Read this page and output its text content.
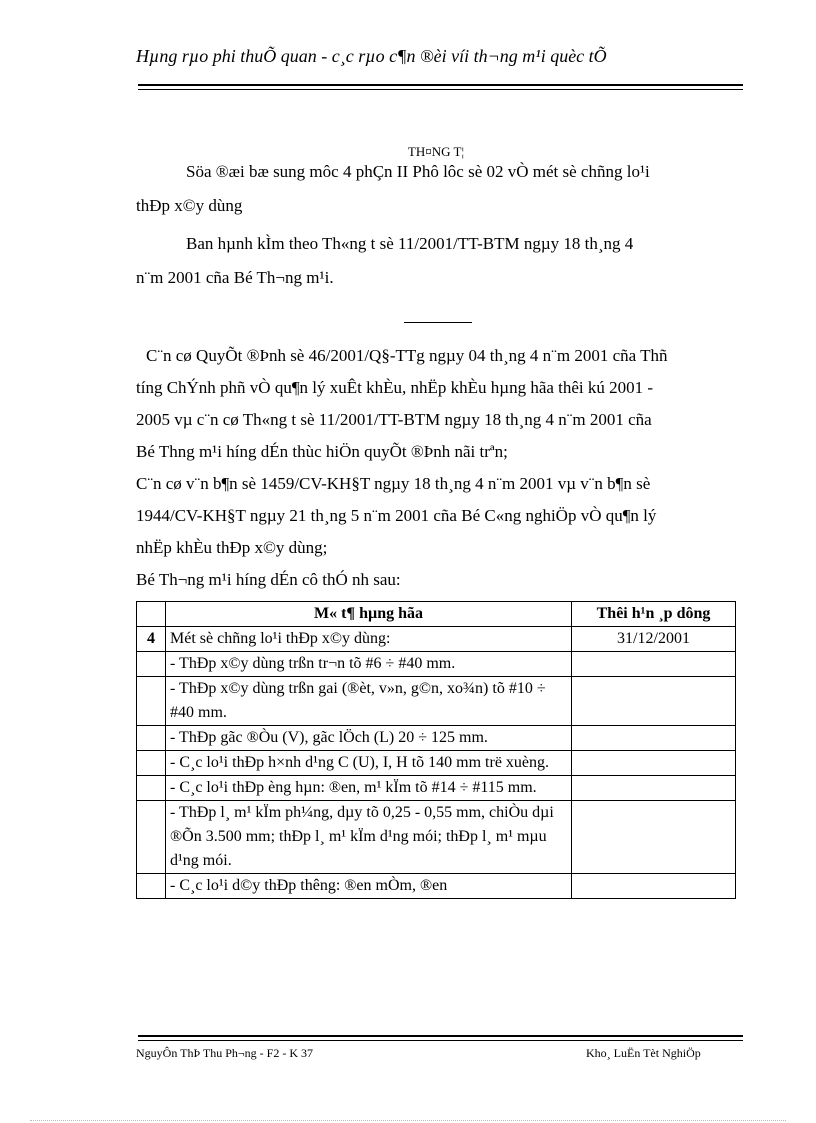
Hµng rµo phi thuÕ quan - c¸c rµo c¶n ®èi víi th¬ng m¹i quèc tÕ
TH¤NG T¦
Söa ®æi bæ sung môc 4 phÇn II Phô lôc sè 02 vÒ mét sè chñng lo¹i
thÐp x©y dùng
Ban hµnh kÌm theo Th«ng t sè 11/2001/TT-BTM ngµy 18 th¸ng 4
n¨m 2001 cña Bé Th¬ng m¹i.
C¨n cø QuyÕt ®Þnh sè 46/2001/Q§-TTg ngµy 04 th¸ng 4 n¨m 2001 cña Thñ
tíng ChÝnh phñ vÒ qu¶n lý xuÊt khÈu, nhËp khÈu hµng hãa thêi kú 2001 -
2005 vµ c¨n cø Th«ng t sè 11/2001/TT-BTM ngµy 18 th¸ng 4 n¨m 2001 cña
Bé Thng m¹i híng dÉn thùc hiÖn quyÕt ®Þnh nãi trªn;
C¨n cø v¨n b¶n sè 1459/CV-KH§T ngµy 18 th¸ng 4 n¨m 2001 vµ v¨n b¶n sè
1944/CV-KH§T ngµy 21 th¸ng 5 n¨m 2001 cña Bé C«ng nghiÖp vÒ qu¶n lý
nhËp khÈu thÐp x©y dùng;
Bé Th¬ng m¹i híng dÉn cô thÓ nh sau:
	M« t¶ hµng hãa	Thêi h¹n ¸p dông
4	Mét sè chñng lo¹i thÐp x©y dùng:	31/12/2001
	- ThÐp x©y dùng trßn tr¬n tõ #6 ÷ #40 mm.	
	- ThÐp x©y dùng trßn gai (®èt, v»n, g©n, xo¾n) tõ #10 ÷ #40 mm.	
	- ThÐp gãc ®Òu (V), gãc lÖch (L) 20 ÷ 125 mm.	
	- C¸c lo¹i thÐp h×nh d¹ng C (U), I, H tõ 140 mm trë xuèng.	
	- C¸c lo¹i thÐp èng hµn: ®en, m¹ kÏm tõ #14 ÷ #115 mm.	
	- ThÐp l¸ m¹ kÏm ph¼ng, dµy tõ 0,25 - 0,55 mm, chiÒu dµi ®Õn 3.500 mm; thÐp l¸ m¹ kÏm d¹ng mói; thÐp l¸ m¹ mµu d¹ng mói.	
	- C¸c lo¹i d©y thÐp thêng: ®en mÒm, ®en	
NguyÔn ThÞ Thu Ph¬ng - F2 - K 37	Kho¸ LuËn Tèt NghiÖp
